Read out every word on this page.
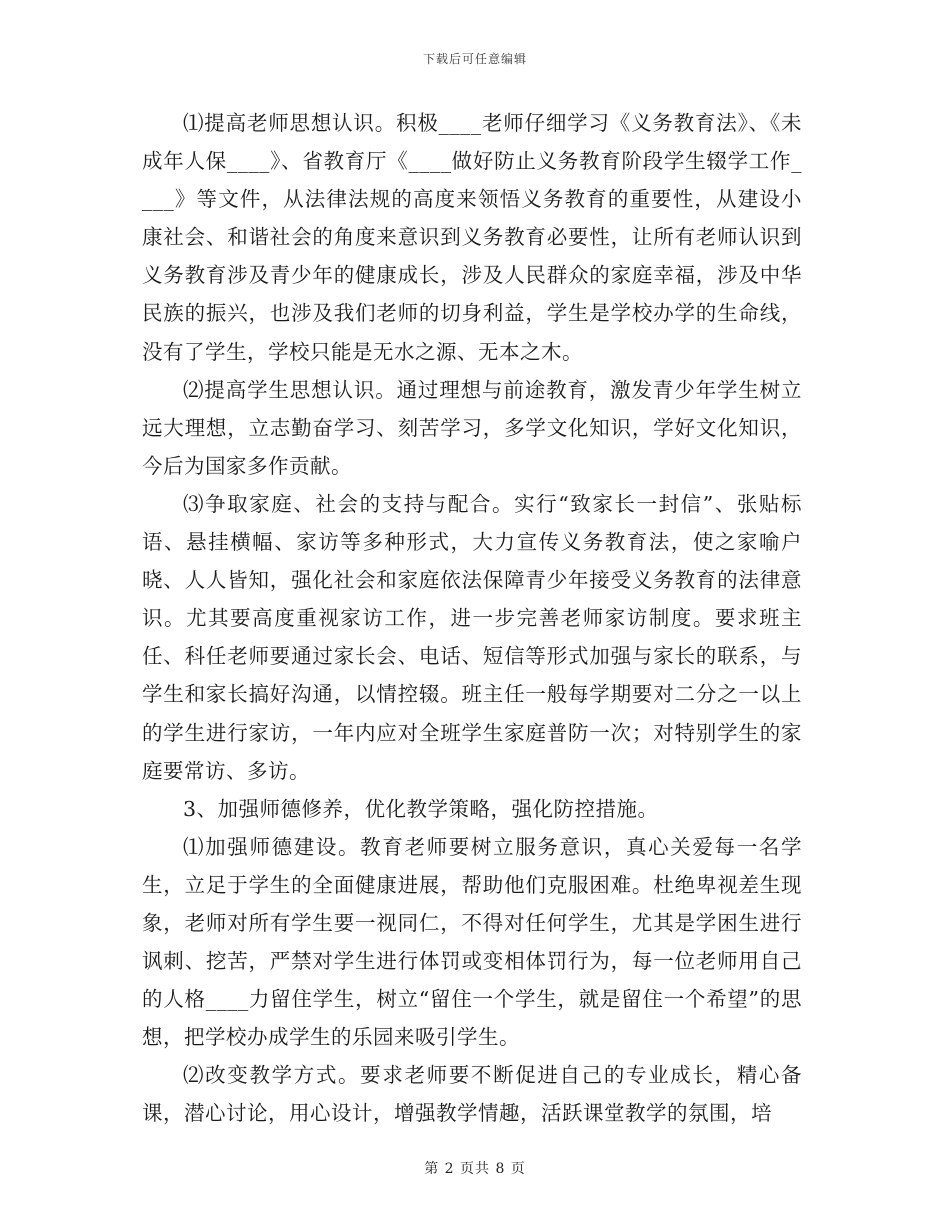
下载后可任意编辑

⑴提高老师思想认识。积极____老师仔细学习《义务教育法》、《未成年人保____》、省教育厅《____做好防止义务教育阶段学生辍学工作____》等文件，从法律法规的高度来领悟义务教育的重要性，从建设小康社会、和谐社会的角度来意识到义务教育必要性，让所有老师认识到义务教育涉及青少年的健康成长，涉及人民群众的家庭幸福，涉及中华民族的振兴，也涉及我们老师的切身利益，学生是学校办学的生命线，没有了学生，学校只能是无水之源、无本之木。

⑵提高学生思想认识。通过理想与前途教育，激发青少年学生树立远大理想，立志勤奋学习、刻苦学习，多学文化知识，学好文化知识，今后为国家多作贡献。

⑶争取家庭、社会的支持与配合。实行“致家长一封信”、张贴标语、悬挂横幅、家访等多种形式，大力宣传义务教育法，使之家喻户晓、人人皆知，强化社会和家庭依法保障青少年接受义务教育的法律意识。尤其要高度重视家访工作，进一步完善老师家访制度。要求班主任、科任老师要通过家长会、电话、短信等形式加强与家长的联系，与学生和家长搞好沟通，以情控辍。班主任一般每学期要对二分之一以上的学生进行家访，一年内应对全班学生家庭普防一次；对特别学生的家庭要常访、多访。

3、加强师德修养，优化教学策略，强化防控措施。

⑴加强师德建设。教育老师要树立服务意识，真心关爱每一名学生，立足于学生的全面健康进展，帮助他们克服困难。杜绝卑视差生现象，老师对所有学生要一视同仁，不得对任何学生，尤其是学困生进行讽刺、挖苦，严禁对学生进行体罚或变相体罚行为，每一位老师用自己的人格____力留住学生，树立“留住一个学生，就是留住一个希望”的思想，把学校办成学生的乐园来吸引学生。

⑵改变教学方式。要求老师要不断促进自己的专业成长，精心备课，潜心讨论，用心设计，增强教学情趣，活跃课堂教学的氛围，培

第 2 页共 8 页
